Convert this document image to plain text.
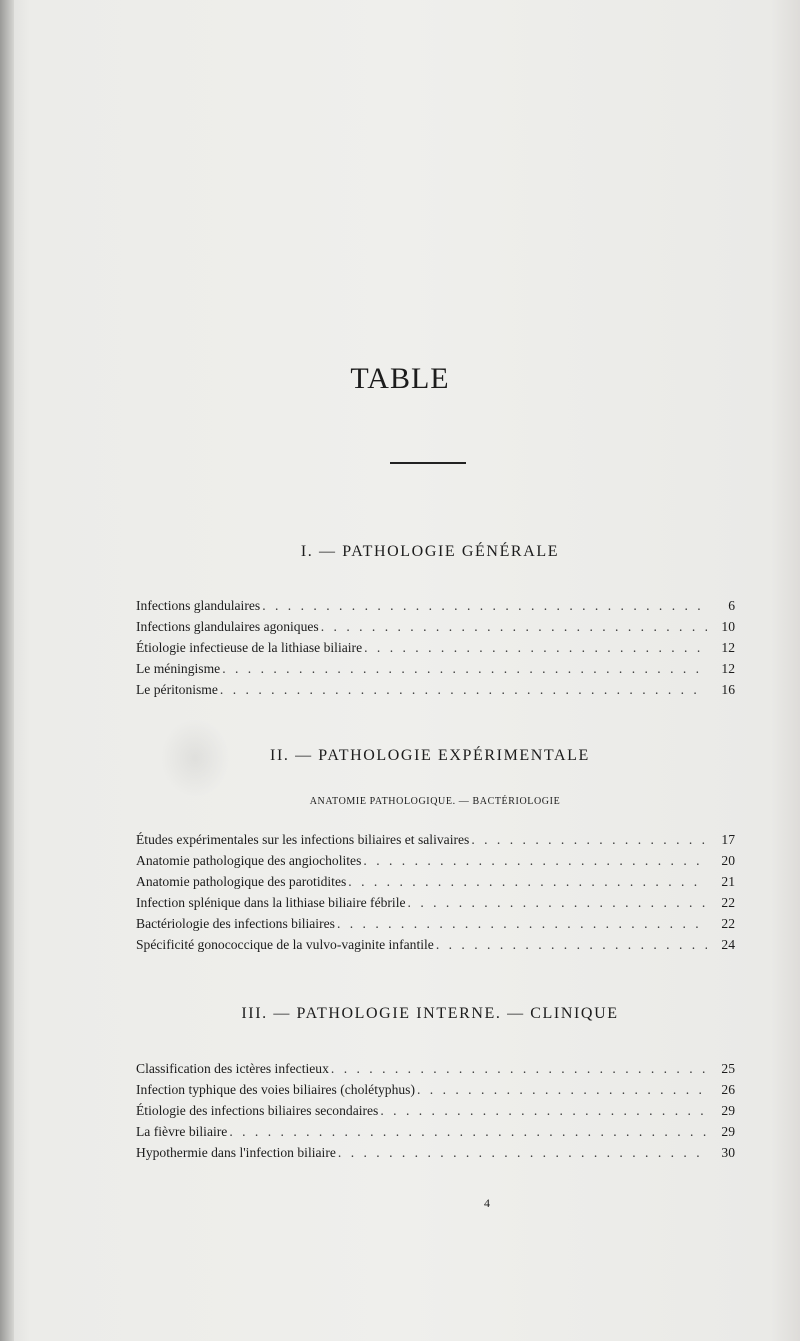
TABLE
I. — PATHOLOGIE GÉNÉRALE
Infections glandulaires . . .	6
Infections glandulaires agoniques . . .	10
Étiologie infectieuse de la lithiase biliaire . . .	12
Le méningisme . . .	12
Le péritonisme . . .	16
II. — PATHOLOGIE EXPÉRIMENTALE
ANATOMIE PATHOLOGIQUE. — BACTÉRIOLOGIE
Études expérimentales sur les infections biliaires et salivaires . . .	17
Anatomie pathologique des angiocholites . . .	20
Anatomie pathologique des parotidites . . .	21
Infection splénique dans la lithiase biliaire fébrile . . .	22
Bactériologie des infections biliaires . . .	22
Spécificité gonococcique de la vulvo-vaginite infantile . . .	24
III. — PATHOLOGIE INTERNE. — CLINIQUE
Classification des ictères infectieux . . .	25
Infection typhique des voies biliaires (cholétyphus) . . .	26
Étiologie des infections biliaires secondaires . . .	29
La fièvre biliaire . . .	29
Hypothermie dans l'infection biliaire . . .	30
4
